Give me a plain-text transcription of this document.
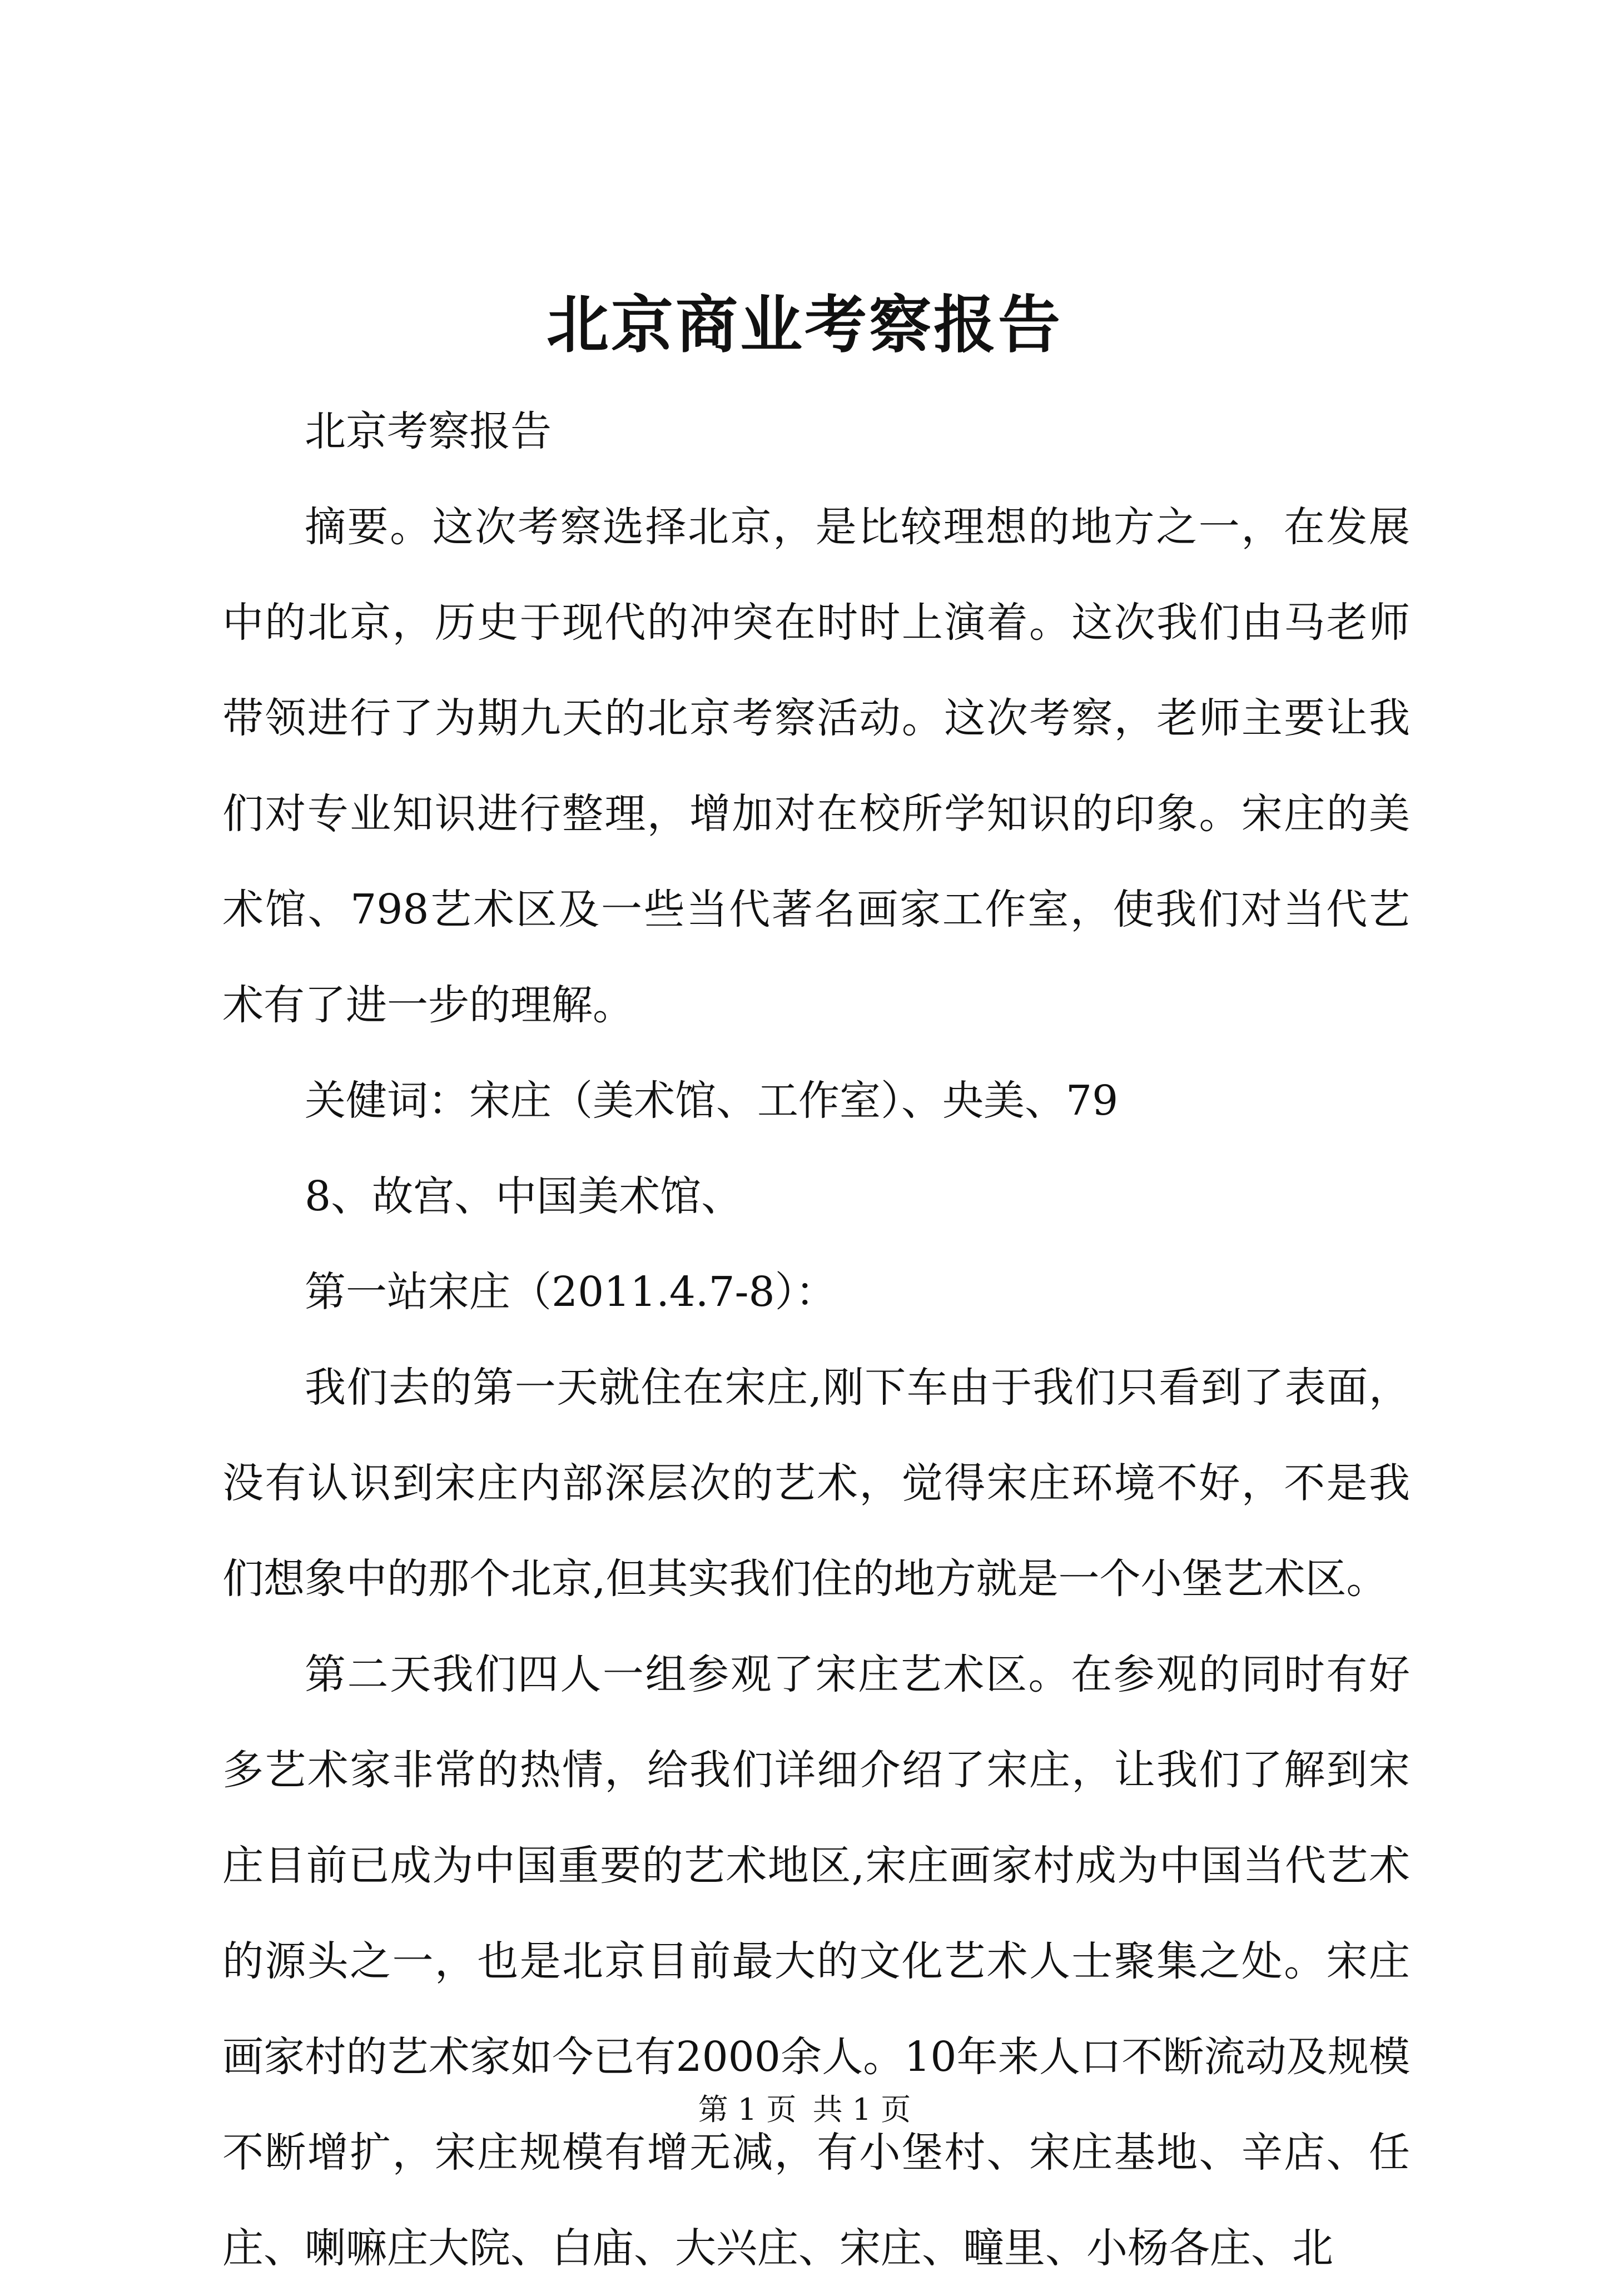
北京商业考察报告

北京考察报告

摘要。这次考察选择北京，是比较理想的地方之一，在发展中的北京，历史于现代的冲突在时时上演着。这次我们由马老师带领进行了为期九天的北京考察活动。这次考察，老师主要让我们对专业知识进行整理，增加对在校所学知识的印象。宋庄的美术馆、798艺术区及一些当代著名画家工作室，使我们对当代艺术有了进一步的理解。

关健词：宋庄（美术馆、工作室）、央美、79

8、故宫、中国美术馆、

第一站宋庄（2011.4.7-8）：

我们去的第一天就住在宋庄,刚下车由于我们只看到了表面，没有认识到宋庄内部深层次的艺术，觉得宋庄环境不好，不是我们想象中的那个北京,但其实我们住的地方就是一个小堡艺术区。

第二天我们四人一组参观了宋庄艺术区。在参观的同时有好多艺术家非常的热情，给我们详细介绍了宋庄，让我们了解到宋庄目前已成为中国重要的艺术地区,宋庄画家村成为中国当代艺术的源头之一，也是北京目前最大的文化艺术人士聚集之处。宋庄画家村的艺术家如今已有2000余人。10年来人口不断流动及规模不断增扩，宋庄规模有增无减，有小堡村、宋庄基地、辛店、任庄、喇嘛庄大院、白庙、大兴庄、宋庄、疃里、小杨各庄、北

第 1 页 共 1 页
